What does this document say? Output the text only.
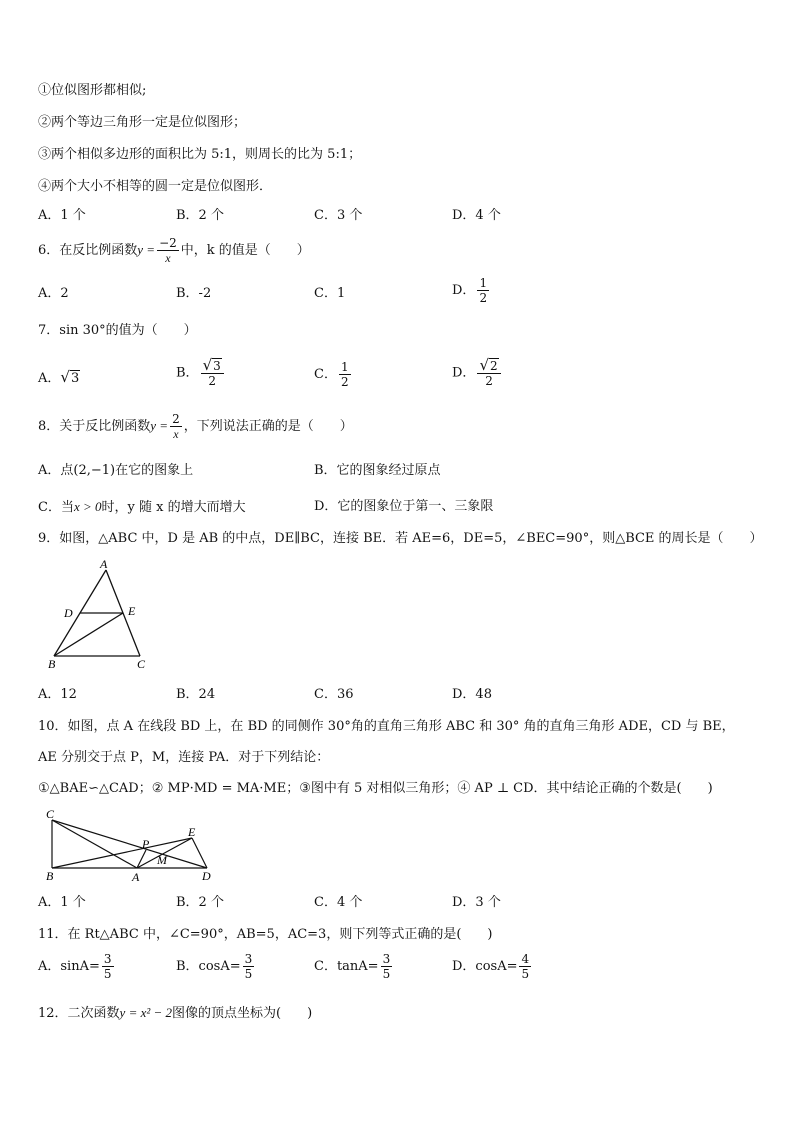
①位似图形都相似;
②两个等边三角形一定是位似图形；
③两个相似多边形的面积比为 5:1，则周长的比为 5:1；
④两个大小不相等的圆一定是位似图形．
A．1 个	B．2 个	C．3 个	D．4 个
6．在反比例函数$y = \frac{-2}{x}$ 中，k 的值是（　　）
A．2	B．-2	C．1	D． $\frac{1}{2}$
7．sin 30°的值为（　　）
A．√3	B． $\frac{√3}{2}$	C． $\frac{1}{2}$	D． $\frac{√2}{2}$
8．关于反比例函数$y = \frac{2}{x}$ ，下列说法正确的是（　　）
A．点(2,−1)在它的图象上	B．它的图象经过原点
C．当x > 0时，y 随 x 的增大而增大	D．它的图象位于第一、三象限
9．如图，△ABC 中，D 是 AB 的中点，DE∥BC，连接 BE．若 AE=6，DE=5，∠BEC=90°，则△BCE 的周长是（　　）
A
D	E
B	C
A．12	B．24	C．36	D．48
10．如图，点 A 在线段 BD 上，在 BD 的同侧作 30°角的直角三角形 ABC 和 30° 角的直角三角形 ADE，CD 与 BE，
AE 分别交于点 P，M，连接 PA．对于下列结论：
①△BAE∽△CAD；② MP·MD = MA·ME；③图中有 5 对相似三角形；④ AP ⊥ CD．其中结论正确的个数是(　　)
C
E
P
M
B	A	D
A．1 个	B．2 个	C．4 个	D．3 个
11．在 Rt△ABC 中，∠C=90°，AB=5，AC=3，则下列等式正确的是(　　)
A．$\sin A= \frac{3}{5}$	B．$\cos A= \frac{3}{5}$	C．$\tan A= \frac{3}{5}$	D．$\cos A= \frac{4}{5}$
12．二次函数y = x² − 2图像的顶点坐标为(　　)
